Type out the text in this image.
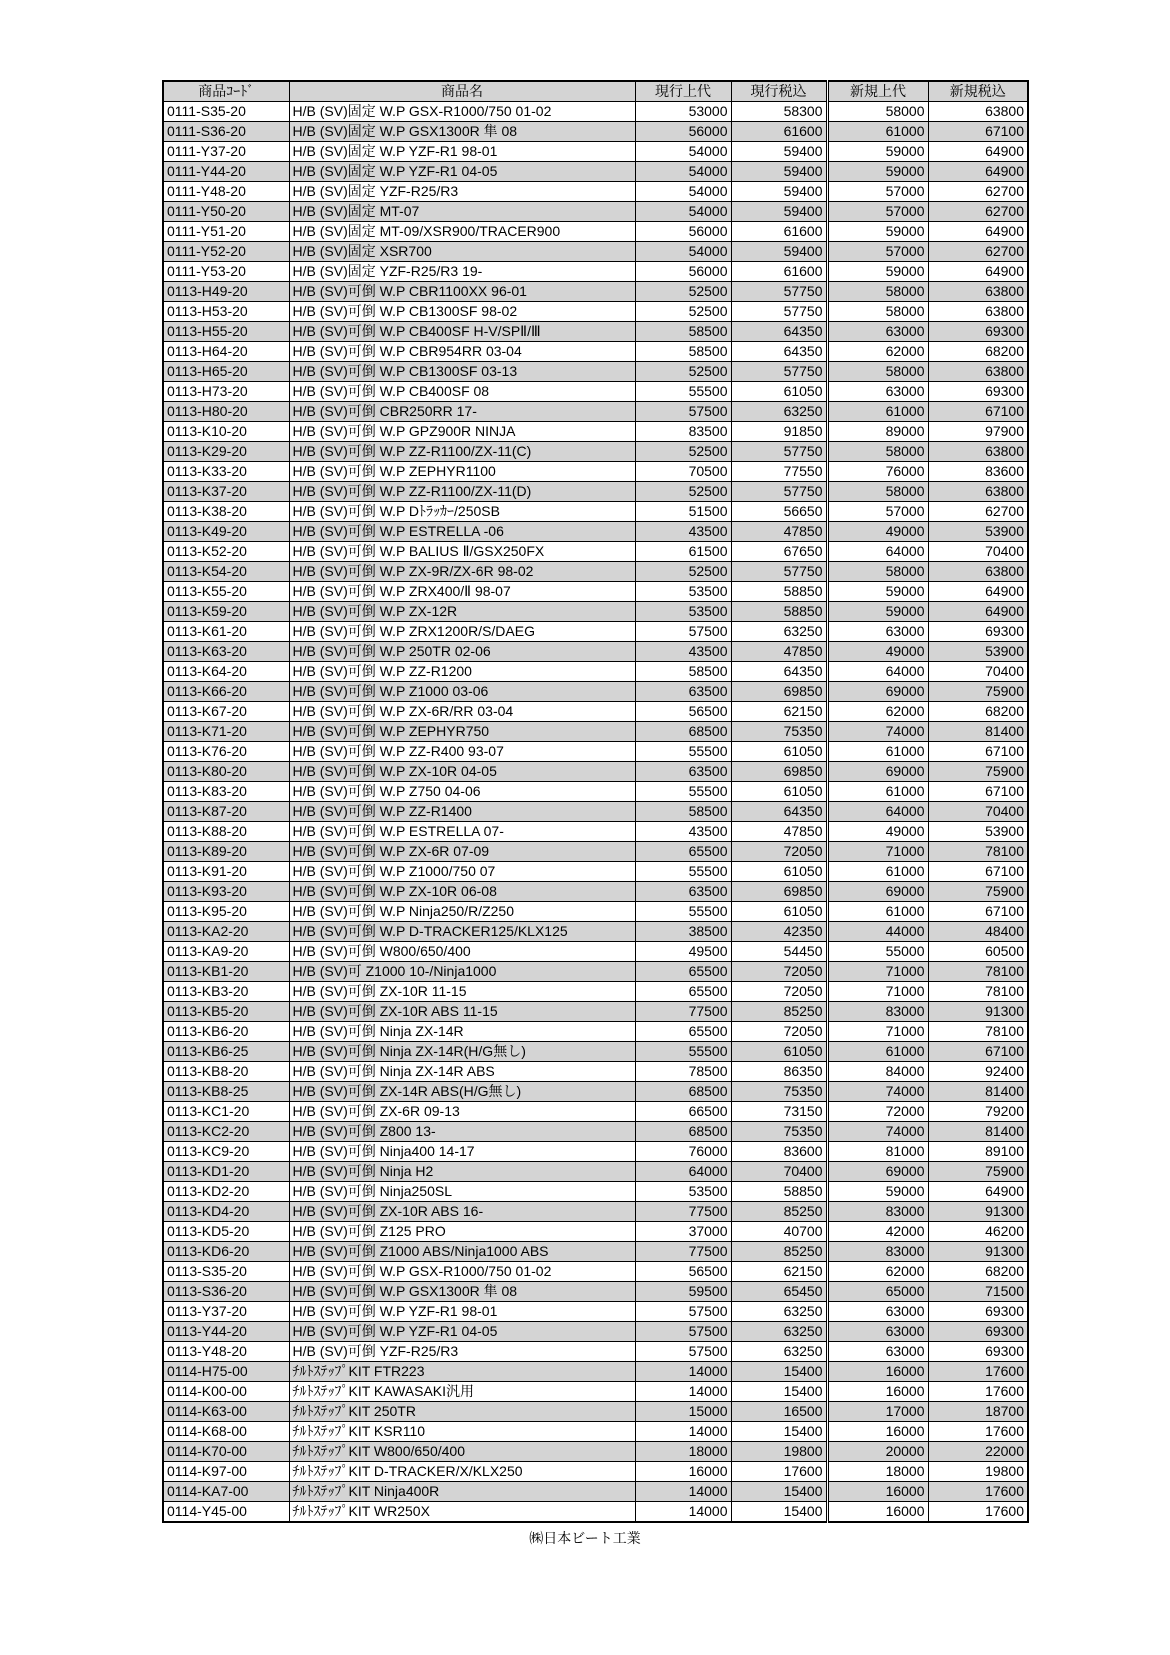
商品ｺｰﾄﾞ	商品名	現行上代	現行税込	新規上代	新規税込
0111-S35-20	H/B (SV)固定 W.P GSX-R1000/750 01-02	53000	58300	58000	63800
0111-S36-20	H/B (SV)固定 W.P GSX1300R 隼 08	56000	61600	61000	67100
0111-Y37-20	H/B (SV)固定 W.P YZF-R1 98-01	54000	59400	59000	64900
0111-Y44-20	H/B (SV)固定 W.P YZF-R1 04-05	54000	59400	59000	64900
0111-Y48-20	H/B (SV)固定 YZF-R25/R3	54000	59400	57000	62700
0111-Y50-20	H/B (SV)固定 MT-07	54000	59400	57000	62700
0111-Y51-20	H/B (SV)固定 MT-09/XSR900/TRACER900	56000	61600	59000	64900
0111-Y52-20	H/B (SV)固定 XSR700	54000	59400	57000	62700
0111-Y53-20	H/B (SV)固定 YZF-R25/R3 19-	56000	61600	59000	64900
0113-H49-20	H/B (SV)可倒 W.P CBR1100XX 96-01	52500	57750	58000	63800
0113-H53-20	H/B (SV)可倒 W.P CB1300SF 98-02	52500	57750	58000	63800
0113-H55-20	H/B (SV)可倒 W.P CB400SF H-V/SPⅡ/Ⅲ	58500	64350	63000	69300
0113-H64-20	H/B (SV)可倒 W.P CBR954RR 03-04	58500	64350	62000	68200
0113-H65-20	H/B (SV)可倒 W.P CB1300SF 03-13	52500	57750	58000	63800
0113-H73-20	H/B (SV)可倒 W.P CB400SF 08	55500	61050	63000	69300
0113-H80-20	H/B (SV)可倒 CBR250RR 17-	57500	63250	61000	67100
0113-K10-20	H/B (SV)可倒 W.P GPZ900R NINJA	83500	91850	89000	97900
0113-K29-20	H/B (SV)可倒 W.P ZZ-R1100/ZX-11(C)	52500	57750	58000	63800
0113-K33-20	H/B (SV)可倒 W.P ZEPHYR1100	70500	77550	76000	83600
0113-K37-20	H/B (SV)可倒 W.P ZZ-R1100/ZX-11(D)	52500	57750	58000	63800
0113-K38-20	H/B (SV)可倒 W.P Dﾄﾗｯｶｰ/250SB	51500	56650	57000	62700
0113-K49-20	H/B (SV)可倒 W.P ESTRELLA -06	43500	47850	49000	53900
0113-K52-20	H/B (SV)可倒 W.P BALIUS Ⅱ/GSX250FX	61500	67650	64000	70400
0113-K54-20	H/B (SV)可倒 W.P ZX-9R/ZX-6R 98-02	52500	57750	58000	63800
0113-K55-20	H/B (SV)可倒 W.P ZRX400/Ⅱ 98-07	53500	58850	59000	64900
0113-K59-20	H/B (SV)可倒 W.P ZX-12R	53500	58850	59000	64900
0113-K61-20	H/B (SV)可倒 W.P ZRX1200R/S/DAEG	57500	63250	63000	69300
0113-K63-20	H/B (SV)可倒 W.P 250TR 02-06	43500	47850	49000	53900
0113-K64-20	H/B (SV)可倒 W.P ZZ-R1200	58500	64350	64000	70400
0113-K66-20	H/B (SV)可倒 W.P Z1000 03-06	63500	69850	69000	75900
0113-K67-20	H/B (SV)可倒 W.P ZX-6R/RR 03-04	56500	62150	62000	68200
0113-K71-20	H/B (SV)可倒 W.P ZEPHYR750	68500	75350	74000	81400
0113-K76-20	H/B (SV)可倒 W.P ZZ-R400 93-07	55500	61050	61000	67100
0113-K80-20	H/B (SV)可倒 W.P ZX-10R 04-05	63500	69850	69000	75900
0113-K83-20	H/B (SV)可倒 W.P Z750 04-06	55500	61050	61000	67100
0113-K87-20	H/B (SV)可倒 W.P ZZ-R1400	58500	64350	64000	70400
0113-K88-20	H/B (SV)可倒 W.P ESTRELLA 07-	43500	47850	49000	53900
0113-K89-20	H/B (SV)可倒 W.P ZX-6R 07-09	65500	72050	71000	78100
0113-K91-20	H/B (SV)可倒 W.P Z1000/750 07	55500	61050	61000	67100
0113-K93-20	H/B (SV)可倒 W.P ZX-10R 06-08	63500	69850	69000	75900
0113-K95-20	H/B (SV)可倒 W.P Ninja250/R/Z250	55500	61050	61000	67100
0113-KA2-20	H/B (SV)可倒 W.P D-TRACKER125/KLX125	38500	42350	44000	48400
0113-KA9-20	H/B (SV)可倒 W800/650/400	49500	54450	55000	60500
0113-KB1-20	H/B (SV)可 Z1000 10-/Ninja1000	65500	72050	71000	78100
0113-KB3-20	H/B (SV)可倒 ZX-10R 11-15	65500	72050	71000	78100
0113-KB5-20	H/B (SV)可倒 ZX-10R ABS 11-15	77500	85250	83000	91300
0113-KB6-20	H/B (SV)可倒 Ninja ZX-14R	65500	72050	71000	78100
0113-KB6-25	H/B (SV)可倒 Ninja ZX-14R(H/G無し)	55500	61050	61000	67100
0113-KB8-20	H/B (SV)可倒 Ninja ZX-14R ABS	78500	86350	84000	92400
0113-KB8-25	H/B (SV)可倒 ZX-14R ABS(H/G無し)	68500	75350	74000	81400
0113-KC1-20	H/B (SV)可倒 ZX-6R 09-13	66500	73150	72000	79200
0113-KC2-20	H/B (SV)可倒 Z800 13-	68500	75350	74000	81400
0113-KC9-20	H/B (SV)可倒 Ninja400 14-17	76000	83600	81000	89100
0113-KD1-20	H/B (SV)可倒 Ninja H2	64000	70400	69000	75900
0113-KD2-20	H/B (SV)可倒 Ninja250SL	53500	58850	59000	64900
0113-KD4-20	H/B (SV)可倒 ZX-10R ABS 16-	77500	85250	83000	91300
0113-KD5-20	H/B (SV)可倒 Z125 PRO	37000	40700	42000	46200
0113-KD6-20	H/B (SV)可倒 Z1000 ABS/Ninja1000 ABS	77500	85250	83000	91300
0113-S35-20	H/B (SV)可倒 W.P GSX-R1000/750 01-02	56500	62150	62000	68200
0113-S36-20	H/B (SV)可倒 W.P GSX1300R 隼 08	59500	65450	65000	71500
0113-Y37-20	H/B (SV)可倒 W.P YZF-R1 98-01	57500	63250	63000	69300
0113-Y44-20	H/B (SV)可倒 W.P YZF-R1 04-05	57500	63250	63000	69300
0113-Y48-20	H/B (SV)可倒 YZF-R25/R3	57500	63250	63000	69300
0114-H75-00	ﾁﾙﾄｽﾃｯﾌﾟKIT FTR223	14000	15400	16000	17600
0114-K00-00	ﾁﾙﾄｽﾃｯﾌﾟKIT KAWASAKI汎用	14000	15400	16000	17600
0114-K63-00	ﾁﾙﾄｽﾃｯﾌﾟKIT 250TR	15000	16500	17000	18700
0114-K68-00	ﾁﾙﾄｽﾃｯﾌﾟKIT KSR110	14000	15400	16000	17600
0114-K70-00	ﾁﾙﾄｽﾃｯﾌﾟKIT W800/650/400	18000	19800	20000	22000
0114-K97-00	ﾁﾙﾄｽﾃｯﾌﾟKIT D-TRACKER/X/KLX250	16000	17600	18000	19800
0114-KA7-00	ﾁﾙﾄｽﾃｯﾌﾟKIT Ninja400R	14000	15400	16000	17600
0114-Y45-00	ﾁﾙﾄｽﾃｯﾌﾟKIT WR250X	14000	15400	16000	17600
㈱日本ビート工業
